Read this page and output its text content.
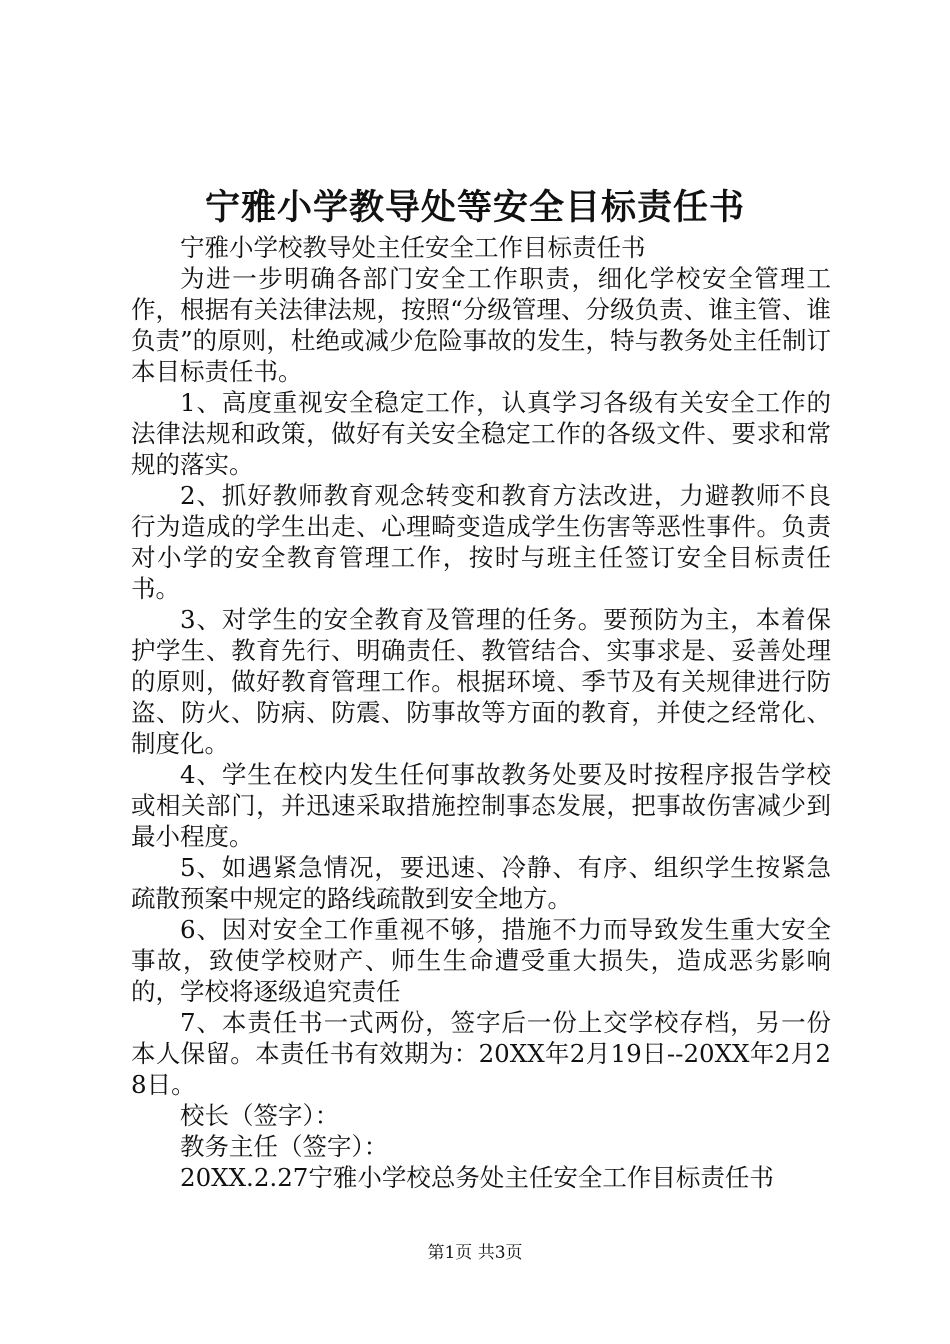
宁雅小学教导处等安全目标责任书

宁雅小学校教导处主任安全工作目标责任书

为进一步明确各部门安全工作职责，细化学校安全管理工作，根据有关法律法规，按照“分级管理、分级负责、谁主管、谁负责”的原则，杜绝或减少危险事故的发生，特与教务处主任制订本目标责任书。

1、高度重视安全稳定工作，认真学习各级有关安全工作的法律法规和政策，做好有关安全稳定工作的各级文件、要求和常规的落实。

2、抓好教师教育观念转变和教育方法改进，力避教师不良行为造成的学生出走、心理畸变造成学生伤害等恶性事件。负责对小学的安全教育管理工作，按时与班主任签订安全目标责任书。

3、对学生的安全教育及管理的任务。要预防为主，本着保护学生、教育先行、明确责任、教管结合、实事求是、妥善处理的原则，做好教育管理工作。根据环境、季节及有关规律进行防盗、防火、防病、防震、防事故等方面的教育，并使之经常化、制度化。

4、学生在校内发生任何事故教务处要及时按程序报告学校或相关部门，并迅速采取措施控制事态发展，把事故伤害减少到最小程度。

5、如遇紧急情况，要迅速、冷静、有序、组织学生按紧急疏散预案中规定的路线疏散到安全地方。

6、因对安全工作重视不够，措施不力而导致发生重大安全事故，致使学校财产、师生生命遭受重大损失，造成恶劣影响的，学校将逐级追究责任

7、本责任书一式两份，签字后一份上交学校存档，另一份本人保留。本责任书有效期为：20XX年2月19日--20XX年2月28日。

校长（签字）：

教务主任（签字）：

20XX.2.27宁雅小学校总务处主任安全工作目标责任书

第1页 共3页
